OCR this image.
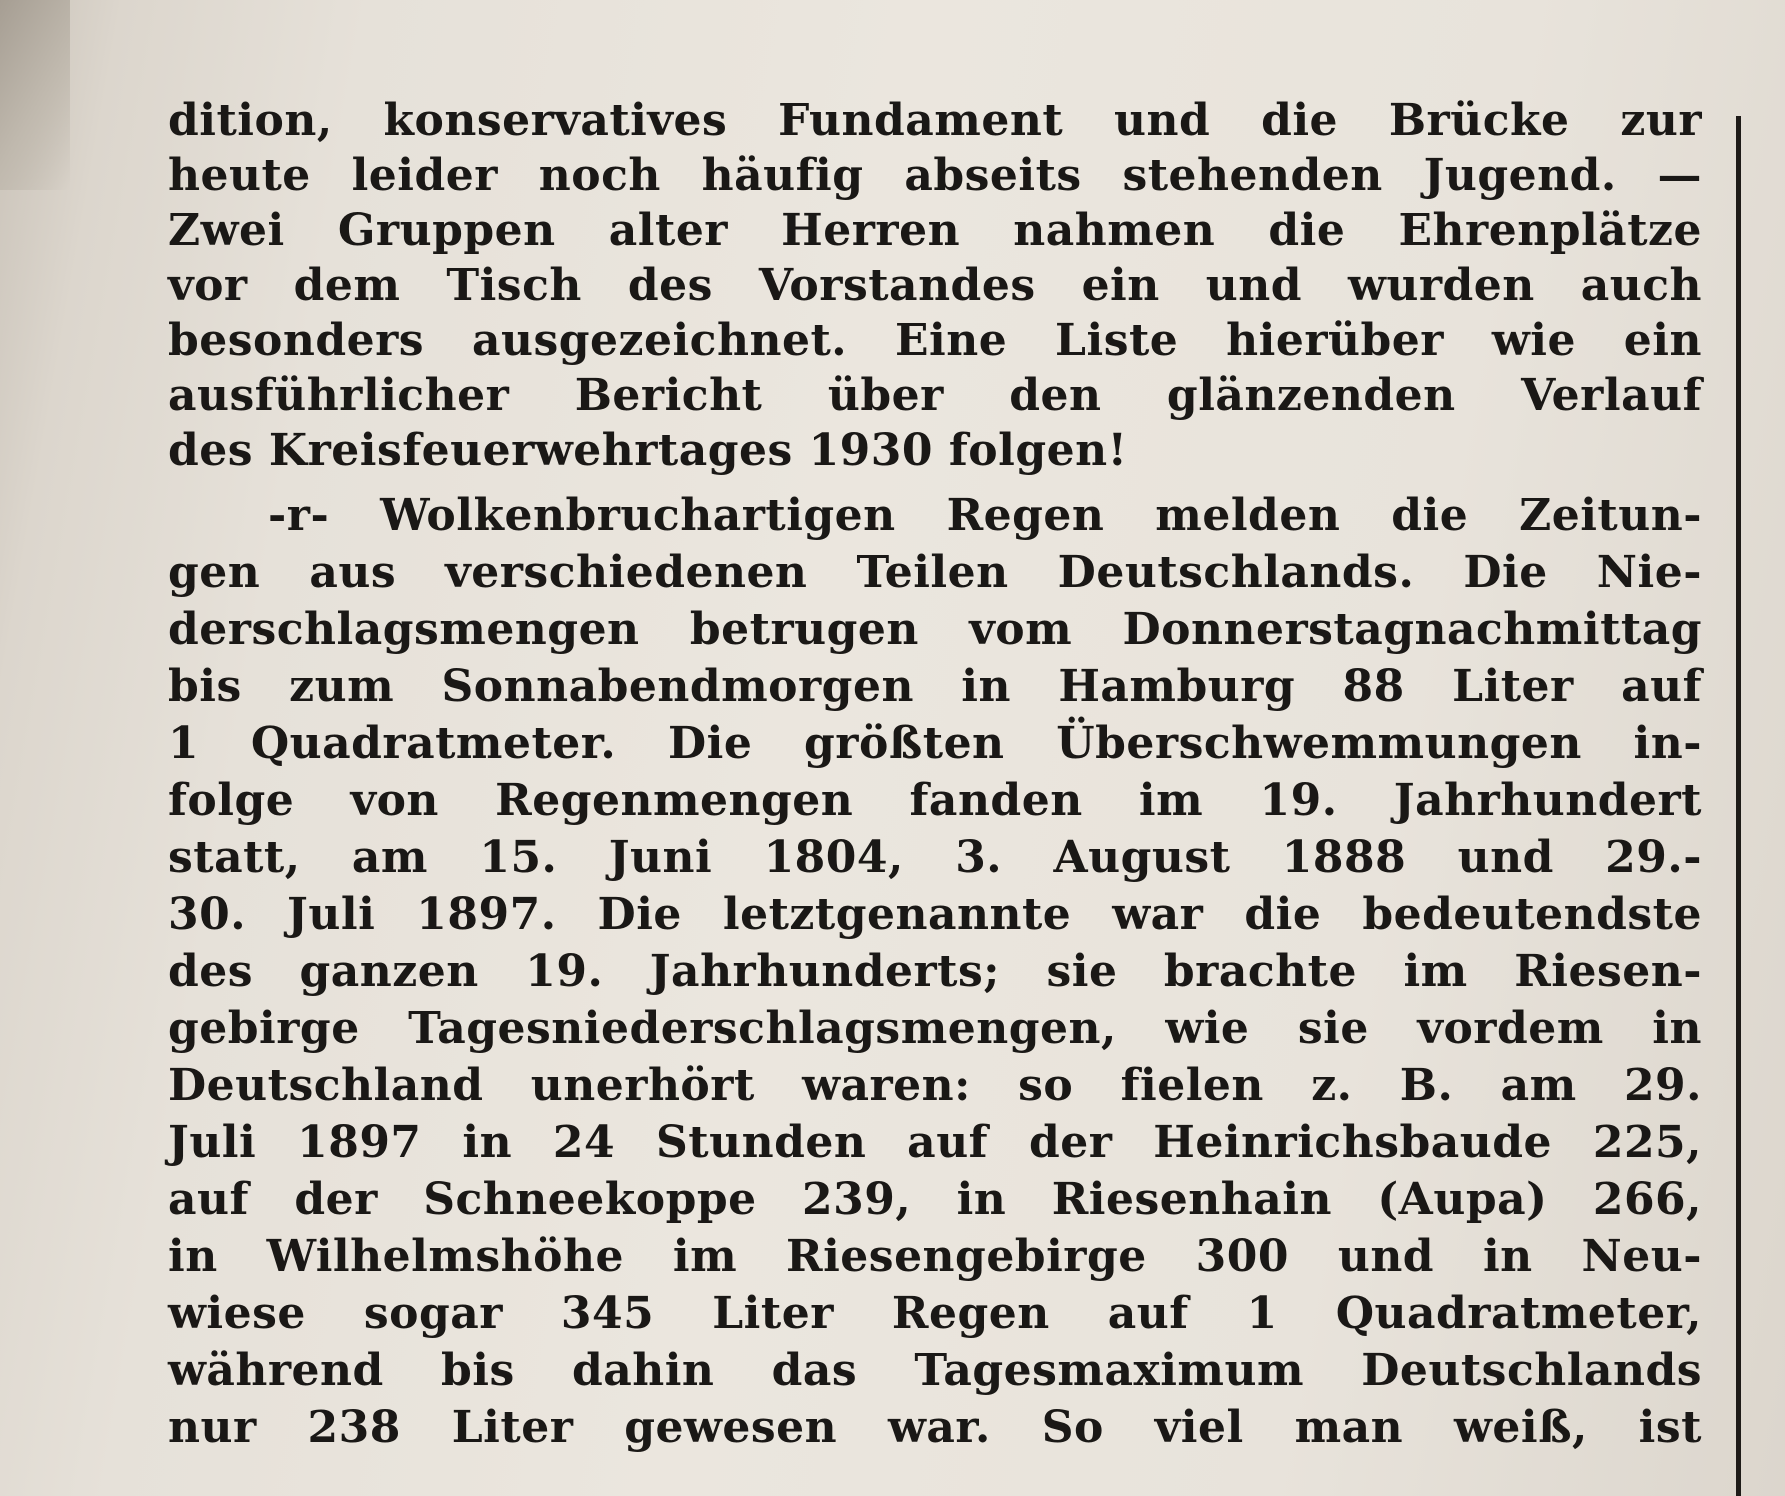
dition, konservatives Fundament und die Brücke zur
heute leider noch häufig abseits stehenden Jugend. —
Zwei Gruppen alter Herren nahmen die Ehrenplätze
vor dem Tisch des Vorstandes ein und wurden auch
besonders ausgezeichnet. Eine Liste hierüber wie ein
ausführlicher Bericht über den glänzenden Verlauf
des Kreisfeuerwehrtages 1930 folgen!
-r- Wolkenbruchartigen Regen melden die Zeitun-
gen aus verschiedenen Teilen Deutschlands. Die Nie-
derschlagsmengen betrugen vom Donnerstagnachmittag
bis zum Sonnabendmorgen in Hamburg 88 Liter auf
1 Quadratmeter. Die größten Überschwemmungen in-
folge von Regenmengen fanden im 19. Jahrhundert
statt, am 15. Juni 1804, 3. August 1888 und 29.-
30. Juli 1897. Die letztgenannte war die bedeutendste
des ganzen 19. Jahrhunderts; sie brachte im Riesen-
gebirge Tagesniederschlagsmengen, wie sie vordem in
Deutschland unerhört waren: so fielen z. B. am 29.
Juli 1897 in 24 Stunden auf der Heinrichsbaude 225,
auf der Schneekoppe 239, in Riesenhain (Aupa) 266,
in Wilhelmshöhe im Riesengebirge 300 und in Neu-
wiese sogar 345 Liter Regen auf 1 Quadratmeter,
während bis dahin das Tagesmaximum Deutschlands
nur 238 Liter gewesen war. So viel man weiß, ist
